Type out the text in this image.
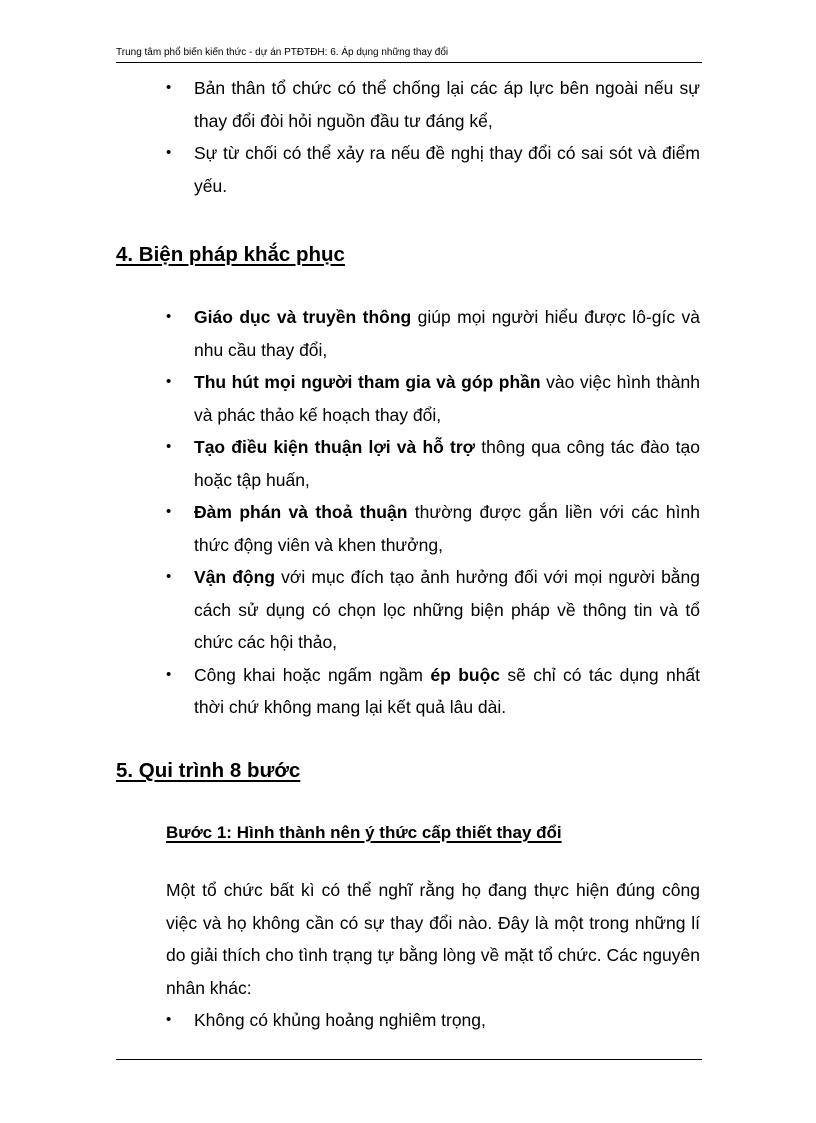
Trung tâm phổ biến kiến thức - dự án PTĐTĐH: 6. Áp dụng những thay đổi
• Bản thân tổ chức có thể chống lại các áp lực bên ngoài nếu sự thay đổi đòi hỏi nguồn đầu tư đáng kể,
• Sự từ chối có thể xảy ra nếu đề nghị thay đổi có sai sót và điểm yếu.
4. Biện pháp khắc phục
• Giáo dục và truyền thông giúp mọi người hiểu được lô-gíc và nhu cầu thay đổi,
• Thu hút mọi người tham gia và góp phần vào việc hình thành và phác thảo kế hoạch thay đổi,
• Tạo điều kiện thuận lợi và hỗ trợ thông qua công tác đào tạo hoặc tập huấn,
• Đàm phán và thoả thuận thường được gắn liền với các hình thức động viên và khen thưởng,
• Vận động với mục đích tạo ảnh hưởng đối với mọi người bằng cách sử dụng có chọn lọc những biện pháp về thông tin và tổ chức các hội thảo,
• Công khai hoặc ngấm ngầm ép buộc sẽ chỉ có tác dụng nhất thời chứ không mang lại kết quả lâu dài.
5. Qui trình 8 bước
Bước 1: Hình thành nên ý thức cấp thiết thay đổi

Một tổ chức bất kì có thể nghĩ rằng họ đang thực hiện đúng công việc và họ không cần có sự thay đổi nào. Đây là một trong những lí do giải thích cho tình trạng tự bằng lòng về mặt tổ chức. Các nguyên nhân khác:

• Không có khủng hoảng nghiêm trọng,
